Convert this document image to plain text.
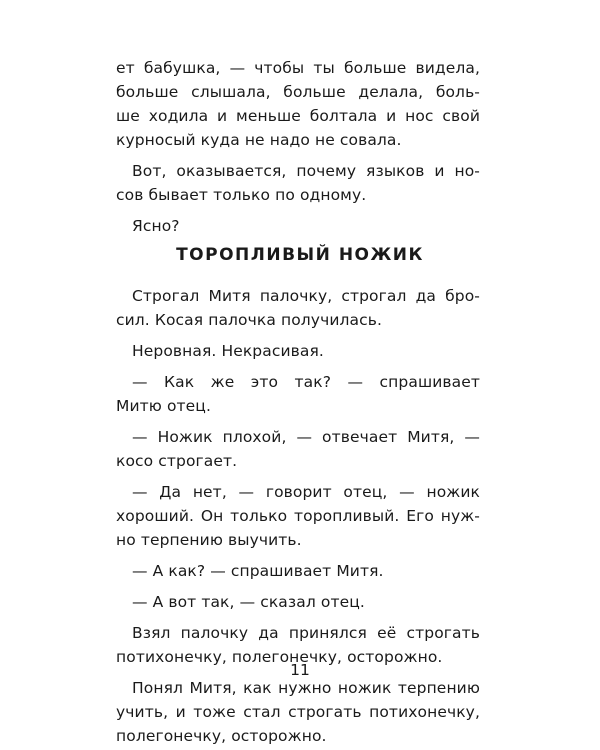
ет бабушка, — чтобы ты больше видела,
больше слышала, больше делала, боль-
ше ходила и меньше болтала и нос свой
курносый куда не надо не совала.
Вот, оказывается, почему языков и но-
сов бывает только по одному.
Ясно?
ТОРОПЛИВЫЙ НОЖИК
Строгал Митя палочку, строгал да бро-
сил. Косая палочка получилась.
Неровная. Некрасивая.
— Как же это так? — спрашивает
Митю отец.
— Ножик плохой, — отвечает Митя, —
косо строгает.
— Да нет, — говорит отец, — ножик
хороший. Он только торопливый. Его нуж-
но терпению выучить.
— А как? — спрашивает Митя.
— А вот так, — сказал отец.
Взял палочку да принялся её строгать
потихонечку, полегонечку, осторожно.
Понял Митя, как нужно ножик терпению
учить, и тоже стал строгать потихонечку,
полегонечку, осторожно.
11
